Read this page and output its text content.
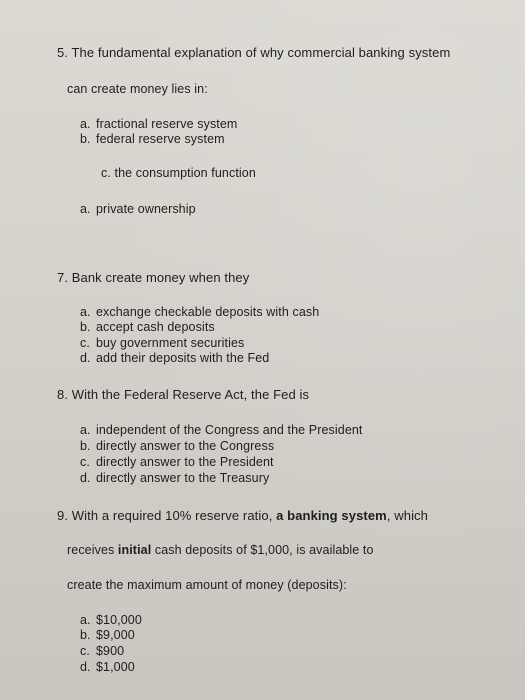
5. The fundamental explanation of why commercial banking system
can create money lies in:
a. fractional reserve system
b. federal reserve system
c. the consumption function
a. private ownership
7. Bank create money when they
a. exchange checkable deposits with cash
b. accept cash deposits
c. buy government securities
d. add their deposits with the Fed
8. With the Federal Reserve Act, the Fed is
a. independent of the Congress and the President
b. directly answer to the Congress
c. directly answer to the President
d. directly answer to the Treasury
9. With a required 10% reserve ratio, a banking system, which
receives initial cash deposits of $1,000, is available to
create the maximum amount of money (deposits):
a. $10,000
b. $9,000
c. $900
d. $1,000
